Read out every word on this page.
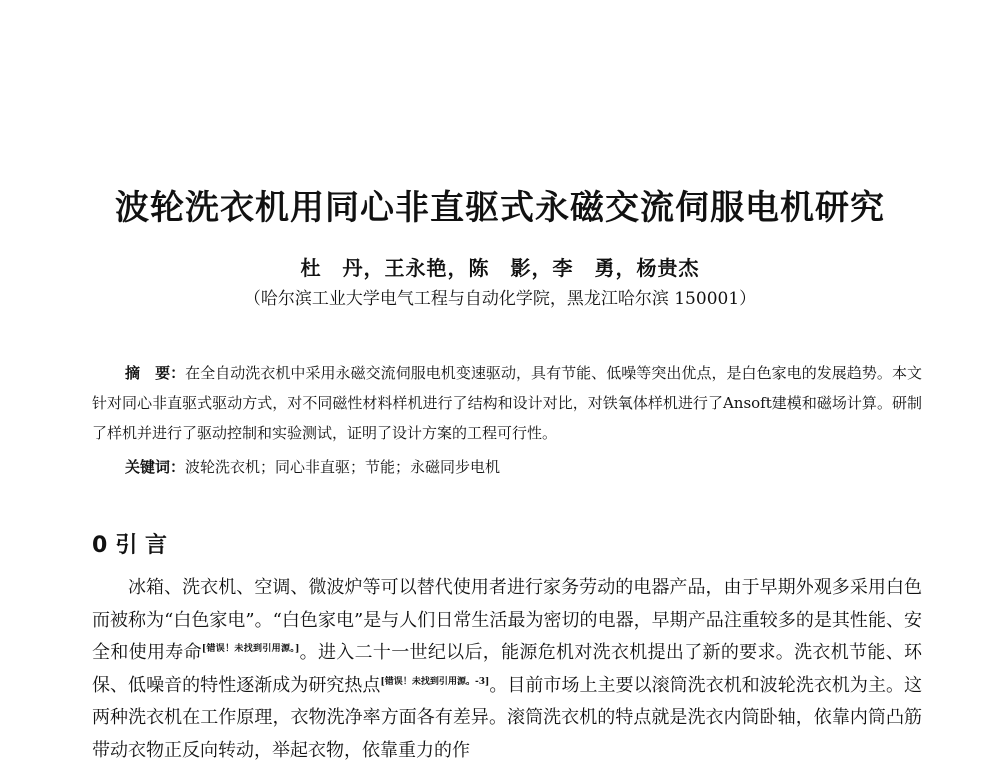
波轮洗衣机用同心非直驱式永磁交流伺服电机研究
杜　丹，王永艳，陈　影，李　勇，杨贵杰
（哈尔滨工业大学电气工程与自动化学院，黑龙江哈尔滨 150001）

摘　要：在全自动洗衣机中采用永磁交流伺服电机变速驱动，具有节能、低噪等突出优点，是白色家电的发展趋势。本文针对同心非直驱式驱动方式，对不同磁性材料样机进行了结构和设计对比，对铁氧体样机进行了Ansoft建模和磁场计算。研制了样机并进行了驱动控制和实验测试，证明了设计方案的工程可行性。

关键词：波轮洗衣机；同心非直驱；节能；永磁同步电机
0 引 言

冰箱、洗衣机、空调、微波炉等可以替代使用者进行家务劳动的电器产品，由于早期外观多采用白色而被称为“白色家电”。“白色家电”是与人们日常生活最为密切的电器，早期产品注重较多的是其性能、安全和使用寿命[错误！未找到引用源。]。进入二十一世纪以后，能源危机对洗衣机提出了新的要求。洗衣机节能、环保、低噪音的特性逐渐成为研究热点[错误！未找到引用源。-3]。目前市场上主要以滚筒洗衣机和波轮洗衣机为主。这两种洗衣机在工作原理，衣物洗净率方面各有差异。滚筒洗衣机的特点就是洗衣内筒卧轴，依靠内筒凸筋带动衣物正反向转动，举起衣物，依靠重力的作
